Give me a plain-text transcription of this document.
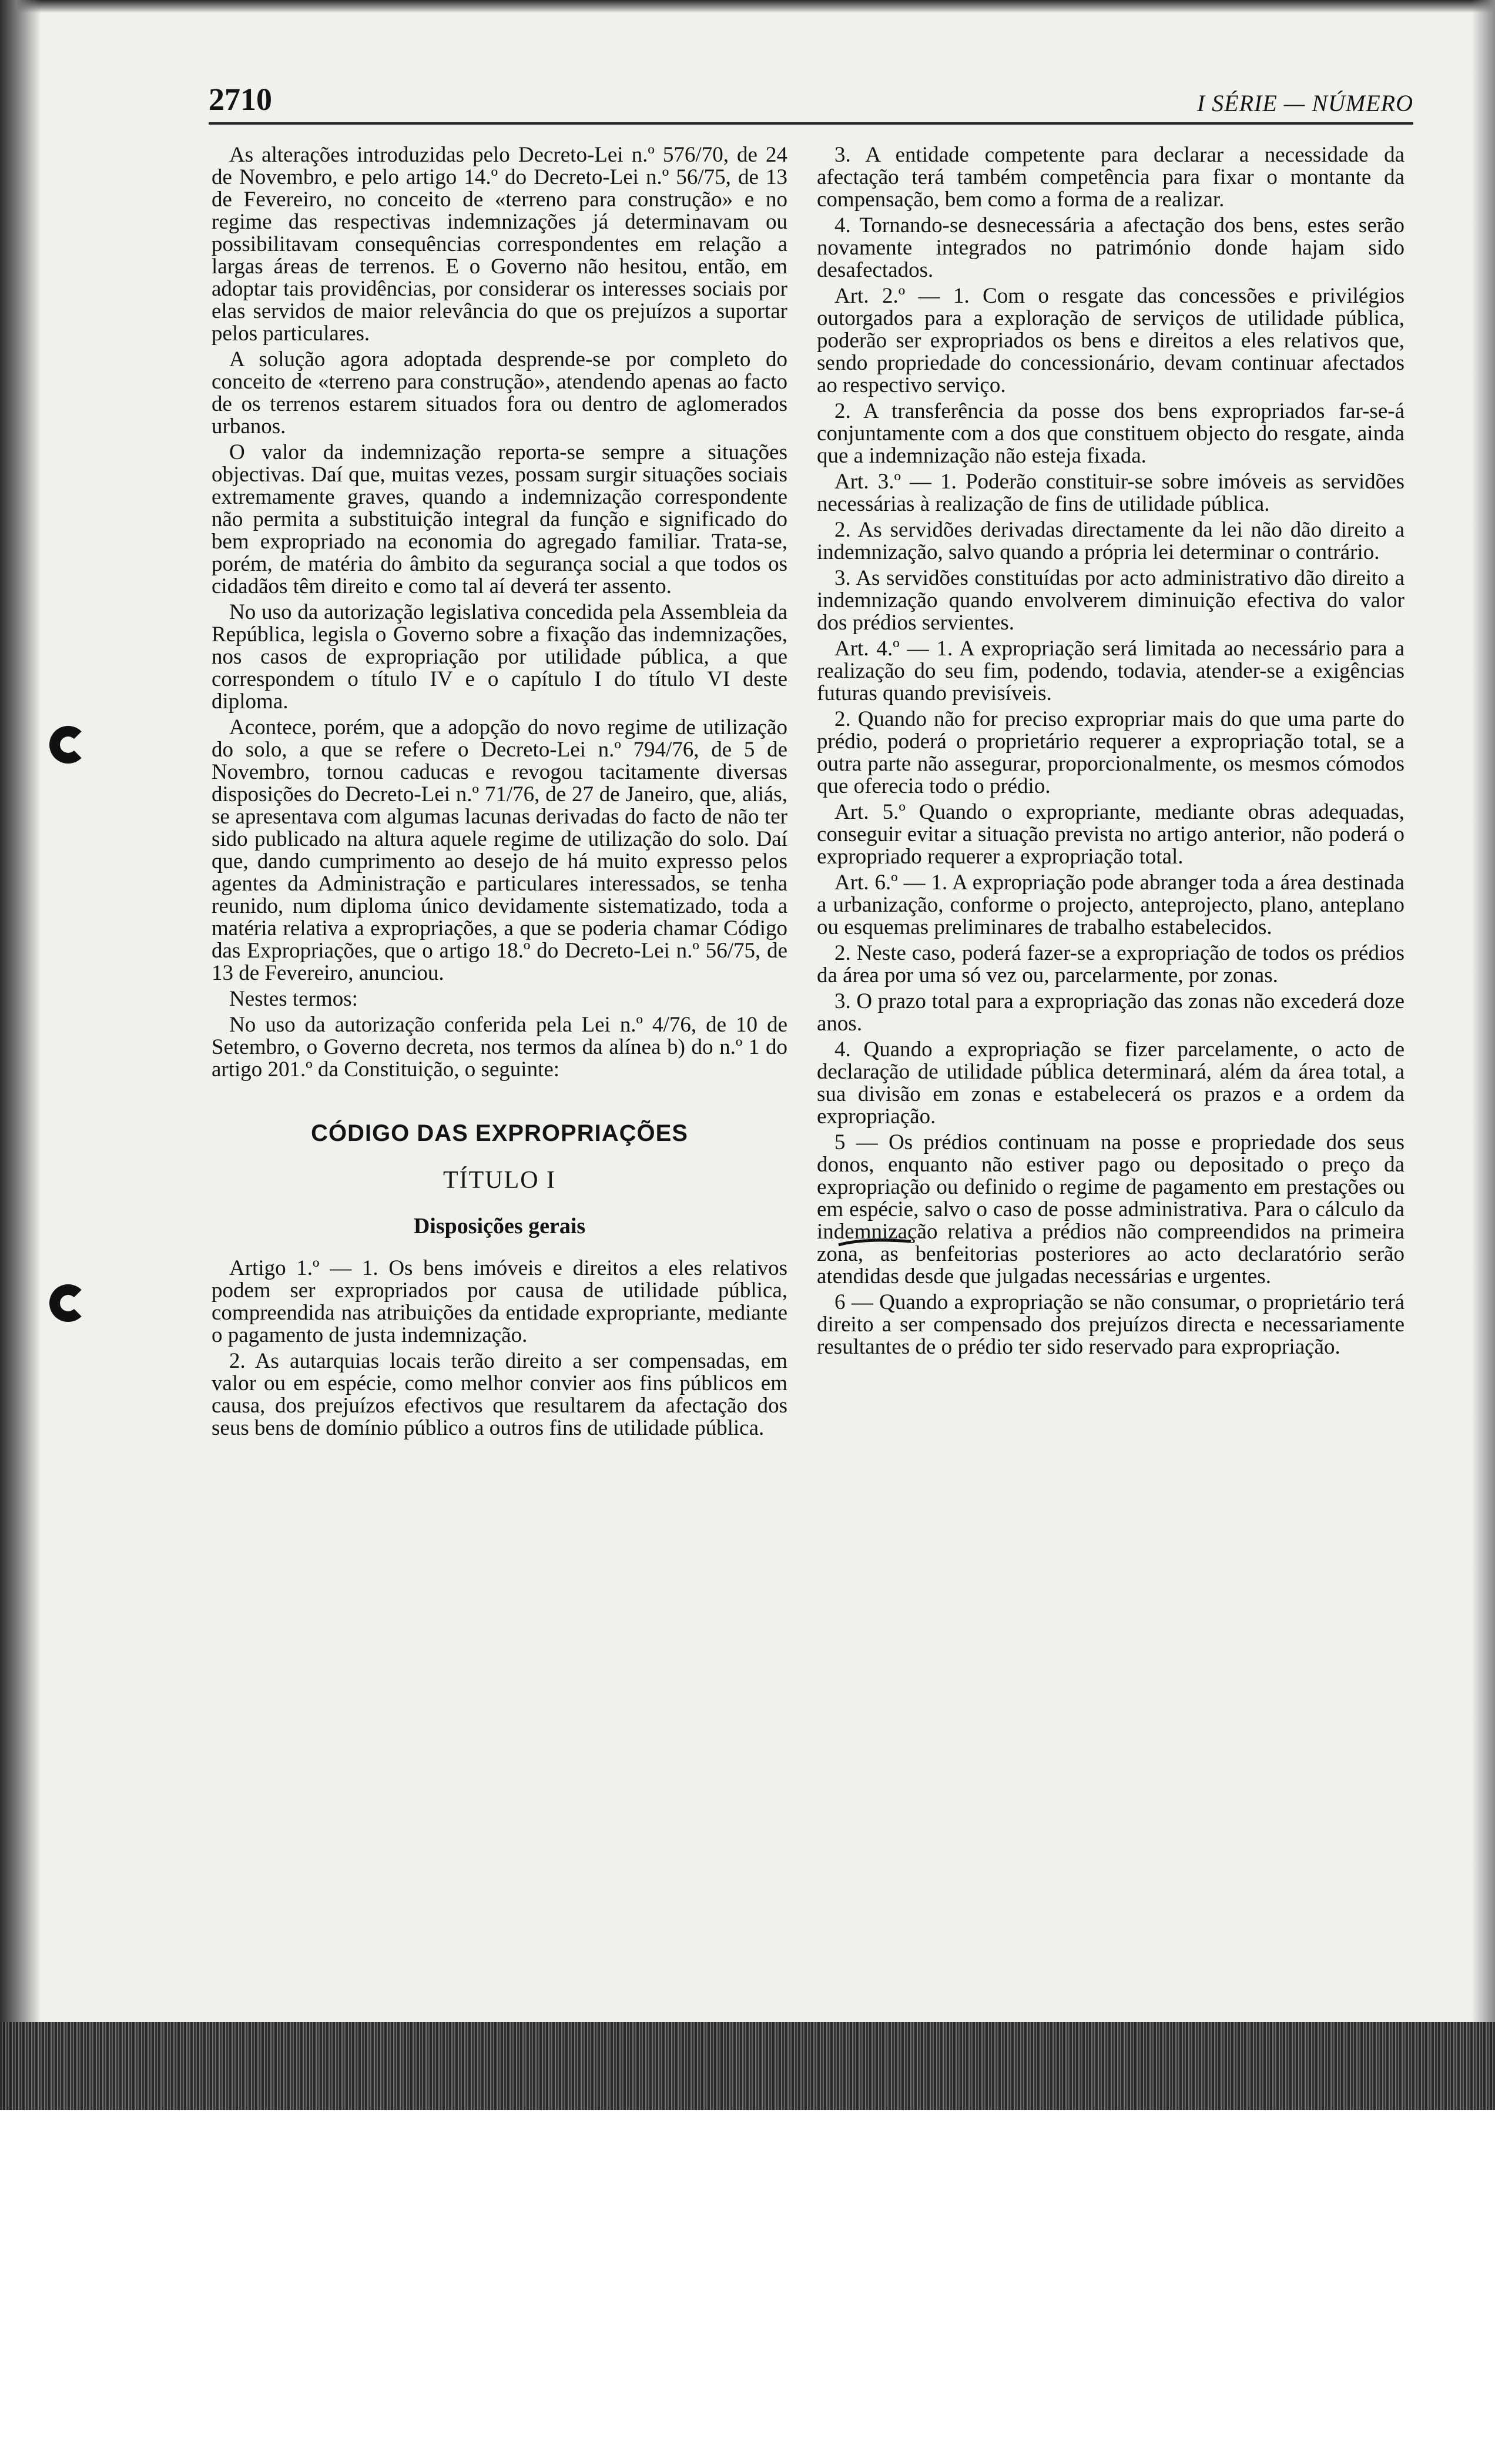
2710	I SÉRIE — NÚMERO

As alterações introduzidas pelo Decreto-Lei n.º 576/70, de 24 de Novembro, e pelo artigo 14.º do Decreto-Lei n.º 56/75, de 13 de Fevereiro, no conceito de «terreno para construção» e no regime das respectivas indemnizações já determinavam ou possibilitavam consequências correspondentes em relação a largas áreas de terrenos. E o Governo não hesitou, então, em adoptar tais providências, por considerar os interesses sociais por elas servidos de maior relevância do que os prejuízos a suportar pelos particulares.

A solução agora adoptada desprende-se por completo do conceito de «terreno para construção», atendendo apenas ao facto de os terrenos estarem situados fora ou dentro de aglomerados urbanos.

O valor da indemnização reporta-se sempre a situações objectivas. Daí que, muitas vezes, possam surgir situações sociais extremamente graves, quando a indemnização correspondente não permita a substituição integral da função e significado do bem expropriado na economia do agregado familiar. Trata-se, porém, de matéria do âmbito da segurança social a que todos os cidadãos têm direito e como tal aí deverá ter assento.

No uso da autorização legislativa concedida pela Assembleia da República, legisla o Governo sobre a fixação das indemnizações, nos casos de expropriação por utilidade pública, a que correspondem o título IV e o capítulo I do título VI deste diploma.

Acontece, porém, que a adopção do novo regime de utilização do solo, a que se refere o Decreto-Lei n.º 794/76, de 5 de Novembro, tornou caducas e revogou tacitamente diversas disposições do Decreto-Lei n.º 71/76, de 27 de Janeiro, que, aliás, se apresentava com algumas lacunas derivadas do facto de não ter sido publicado na altura aquele regime de utilização do solo. Daí que, dando cumprimento ao desejo de há muito expresso pelos agentes da Administração e particulares interessados, se tenha reunido, num diploma único devidamente sistematizado, toda a matéria relativa a expropriações, a que se poderia chamar Código das Expropriações, que o artigo 18.º do Decreto-Lei n.º 56/75, de 13 de Fevereiro, anunciou.

Nestes termos:

No uso da autorização conferida pela Lei n.º 4/76, de 10 de Setembro, o Governo decreta, nos termos da alínea b) do n.º 1 do artigo 201.º da Constituição, o seguinte:

CÓDIGO DAS EXPROPRIAÇÕES
TÍTULO I
Disposições gerais

Artigo 1.º — 1. Os bens imóveis e direitos a eles relativos podem ser expropriados por causa de utilidade pública, compreendida nas atribuições da entidade expropriante, mediante o pagamento de justa indemnização.

2. As autarquias locais terão direito a ser compensadas, em valor ou em espécie, como melhor convier aos fins públicos em causa, dos prejuízos efectivos que resultarem da afectação dos seus bens de domínio público a outros fins de utilidade pública.

3. A entidade competente para declarar a necessidade da afectação terá também competência para fixar o montante da compensação, bem como a forma de a realizar.

4. Tornando-se desnecessária a afectação dos bens, estes serão novamente integrados no património donde hajam sido desafectados.

Art. 2.º — 1. Com o resgate das concessões e privilégios outorgados para a exploração de serviços de utilidade pública, poderão ser expropriados os bens e direitos a eles relativos que, sendo propriedade do concessionário, devam continuar afectados ao respectivo serviço.

2. A transferência da posse dos bens expropriados far-se-á conjuntamente com a dos que constituem objecto do resgate, ainda que a indemnização não esteja fixada.

Art. 3.º — 1. Poderão constituir-se sobre imóveis as servidões necessárias à realização de fins de utilidade pública.

2. As servidões derivadas directamente da lei não dão direito a indemnização, salvo quando a própria lei determinar o contrário.

3. As servidões constituídas por acto administrativo dão direito a indemnização quando envolverem diminuição efectiva do valor dos prédios servientes.

Art. 4.º — 1. A expropriação será limitada ao necessário para a realização do seu fim, podendo, todavia, atender-se a exigências futuras quando previsíveis.

2. Quando não for preciso expropriar mais do que uma parte do prédio, poderá o proprietário requerer a expropriação total, se a outra parte não assegurar, proporcionalmente, os mesmos cómodos que oferecia todo o prédio.

Art. 5.º Quando o expropriante, mediante obras adequadas, conseguir evitar a situação prevista no artigo anterior, não poderá o expropriado requerer a expropriação total.

Art. 6.º — 1. A expropriação pode abranger toda a área destinada a urbanização, conforme o projecto, anteprojecto, plano, anteplano ou esquemas preliminares de trabalho estabelecidos.

2. Neste caso, poderá fazer-se a expropriação de todos os prédios da área por uma só vez ou, parcelarmente, por zonas.

3. O prazo total para a expropriação das zonas não excederá doze anos.

4. Quando a expropriação se fizer parcelamente, o acto de declaração de utilidade pública determinará, além da área total, a sua divisão em zonas e estabelecerá os prazos e a ordem da expropriação.

5 — Os prédios continuam na posse e propriedade dos seus donos, enquanto não estiver pago ou depositado o preço da expropriação ou definido o regime de pagamento em prestações ou em espécie, salvo o caso de posse administrativa. Para o cálculo da indemnização relativa a prédios não compreendidos na primeira zona, as benfeitorias posteriores ao acto declaratório serão atendidas desde que julgadas necessárias e urgentes.

6 — Quando a expropriação se não consumar, o proprietário terá direito a ser compensado dos prejuízos directa e necessariamente resultantes de o prédio ter sido reservado para expropriação.
